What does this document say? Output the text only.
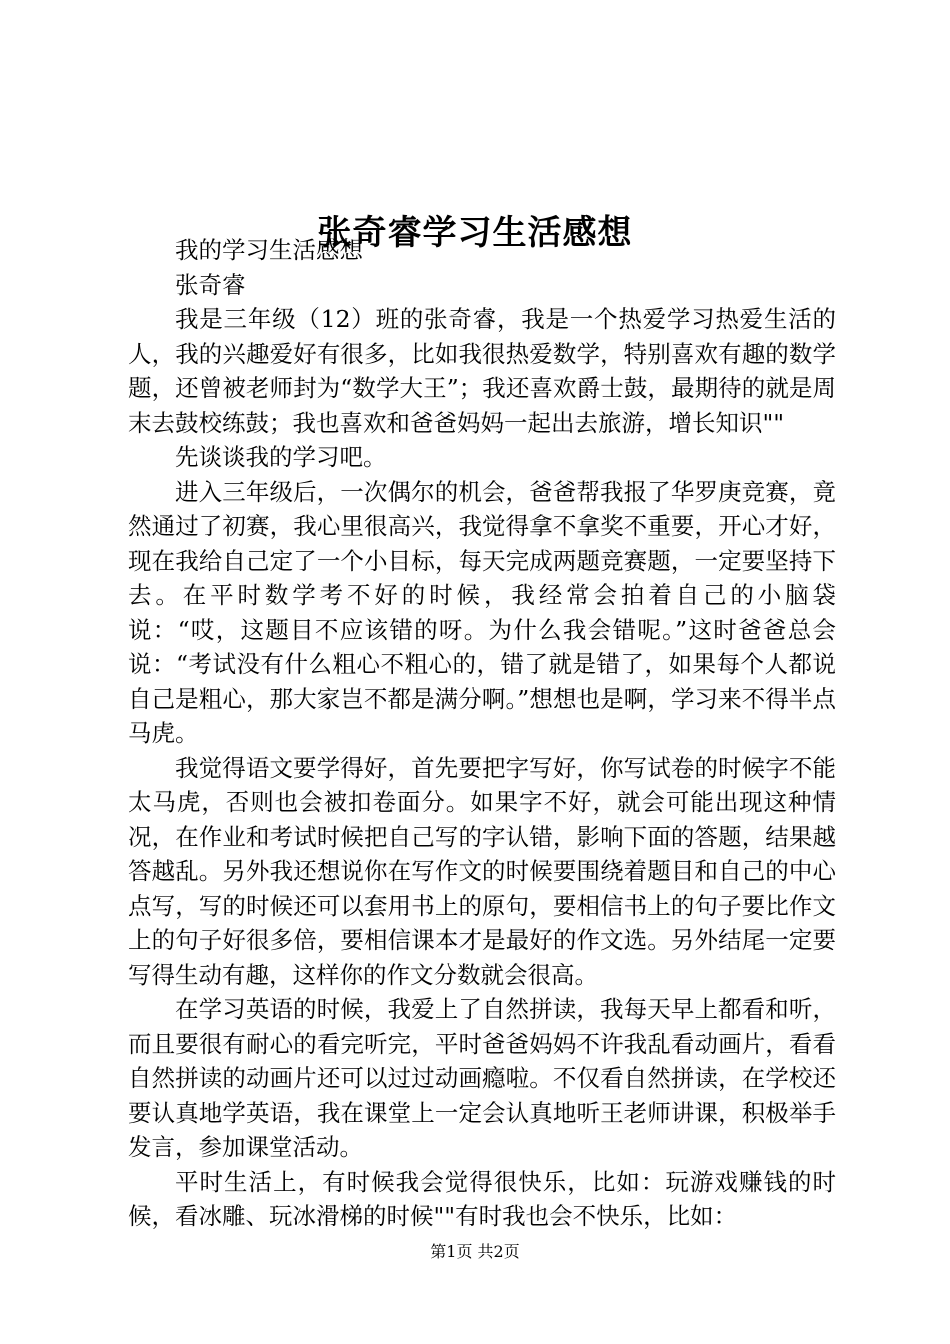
张奇睿学习生活感想

我的学习生活感想

张奇睿

我是三年级（12）班的张奇睿，我是一个热爱学习热爱生活的人，我的兴趣爱好有很多，比如我很热爱数学，特别喜欢有趣的数学题，还曾被老师封为“数学大王”；我还喜欢爵士鼓，最期待的就是周末去鼓校练鼓；我也喜欢和爸爸妈妈一起出去旅游，增长知识""

先谈谈我的学习吧。

进入三年级后，一次偶尔的机会，爸爸帮我报了华罗庚竞赛，竟然通过了初赛，我心里很高兴，我觉得拿不拿奖不重要，开心才好，现在我给自己定了一个小目标，每天完成两题竞赛题，一定要坚持下去。在平时数学考不好的时候，我经常会拍着自己的小脑袋说：“哎，这题目不应该错的呀。为什么我会错呢。”这时爸爸总会说：“考试没有什么粗心不粗心的，错了就是错了，如果每个人都说自己是粗心，那大家岂不都是满分啊。”想想也是啊，学习来不得半点马虎。

我觉得语文要学得好，首先要把字写好，你写试卷的时候字不能太马虎，否则也会被扣卷面分。如果字不好，就会可能出现这种情况，在作业和考试时候把自己写的字认错，影响下面的答题，结果越答越乱。另外我还想说你在写作文的时候要围绕着题目和自己的中心点写，写的时候还可以套用书上的原句，要相信书上的句子要比作文上的句子好很多倍，要相信课本才是最好的作文选。另外结尾一定要写得生动有趣，这样你的作文分数就会很高。

在学习英语的时候，我爱上了自然拼读，我每天早上都看和听，而且要很有耐心的看完听完，平时爸爸妈妈不许我乱看动画片，看看自然拼读的动画片还可以过过动画瘾啦。不仅看自然拼读，在学校还要认真地学英语，我在课堂上一定会认真地听王老师讲课，积极举手发言，参加课堂活动。

平时生活上，有时候我会觉得很快乐，比如：玩游戏赚钱的时候，看冰雕、玩冰滑梯的时候""有时我也会不快乐，比如：

第1页 共2页
